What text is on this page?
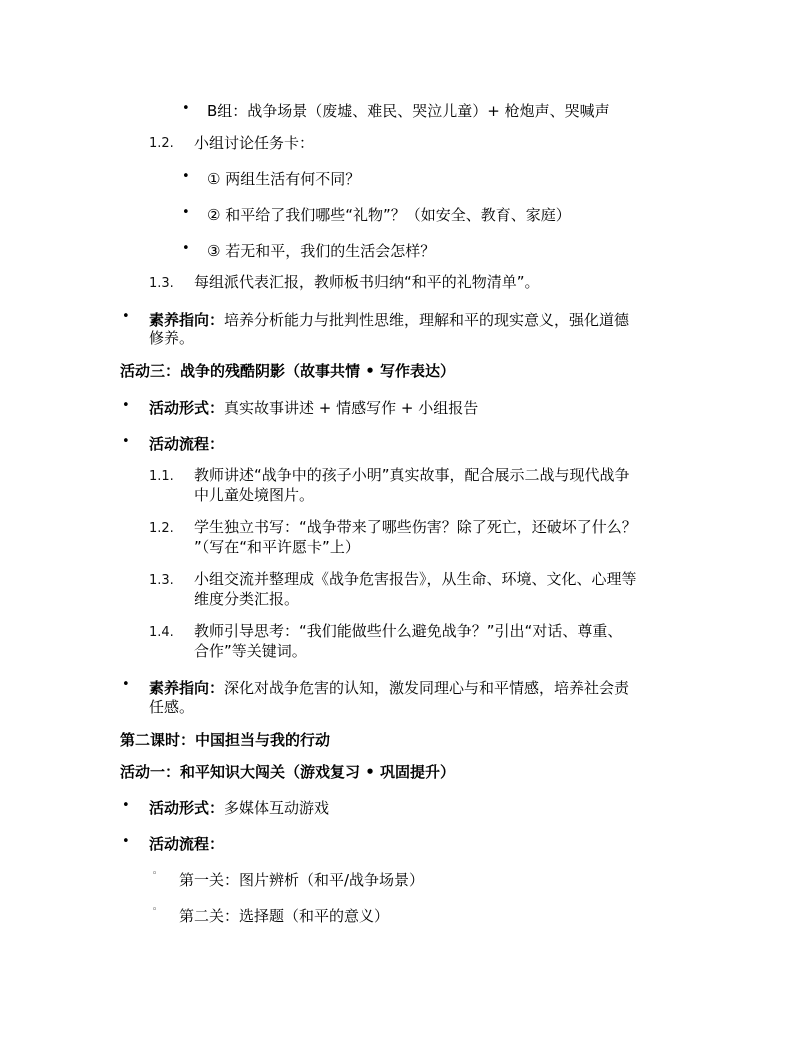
• B组：战争场景（废墟、难民、哭泣儿童）+ 枪炮声、哭喊声
1.2. 小组讨论任务卡：
• ① 两组生活有何不同？
• ② 和平给了我们哪些“礼物”？（如安全、教育、家庭）
• ③ 若无和平，我们的生活会怎样？
1.3. 每组派代表汇报，教师板书归纳“和平的礼物清单”。
• 素养指向：培养分析能力与批判性思维，理解和平的现实意义，强化道德
修养。
活动三：战争的残酷阴影（故事共情 • 写作表达）
• 活动形式：真实故事讲述 + 情感写作 + 小组报告
• 活动流程：
1.1. 教师讲述“战争中的孩子小明”真实故事，配合展示二战与现代战争
中儿童处境图片。
1.2. 学生独立书写：“战争带来了哪些伤害？除了死亡，还破坏了什么？
”（写在“和平许愿卡”上）
1.3. 小组交流并整理成《战争危害报告》，从生命、环境、文化、心理等
维度分类汇报。
1.4. 教师引导思考：“我们能做些什么避免战争？”引出“对话、尊重、
合作”等关键词。
• 素养指向：深化对战争危害的认知，激发同理心与和平情感，培养社会责
任感。
第二课时：中国担当与我的行动
活动一：和平知识大闯关（游戏复习 • 巩固提升）
• 活动形式：多媒体互动游戏
• 活动流程：
◦ 第一关：图片辨析（和平/战争场景）
◦ 第二关：选择题（和平的意义）
